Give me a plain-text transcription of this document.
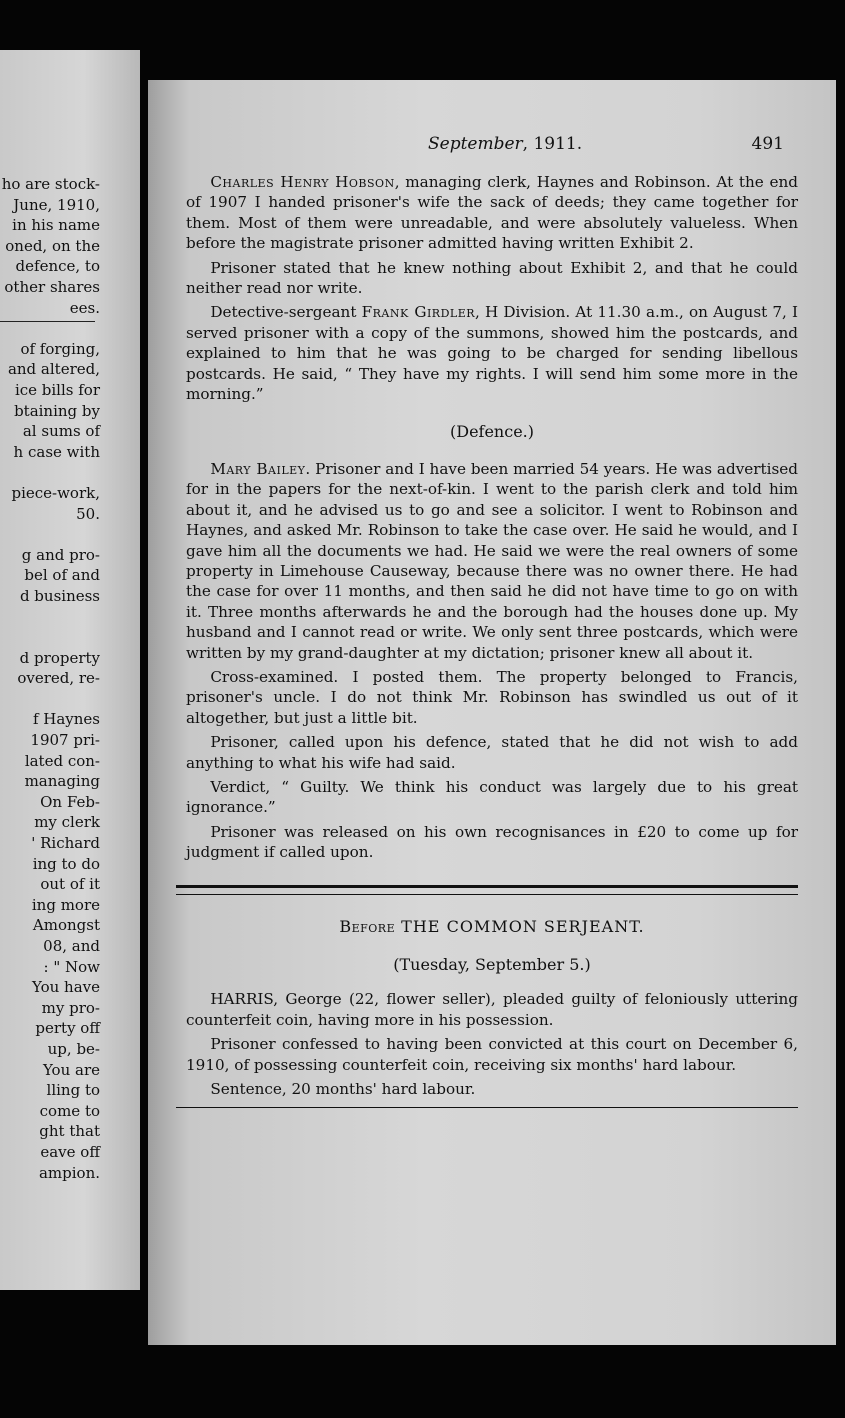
ho are stock-
June, 1910,
in his name
oned, on the
defence, to
other shares
ees.
of forging,
and altered,
ice bills for
btaining by
al sums of
h case with
piece-work,
50.
g and pro-
bel of and
d business
d property
overed, re-
f Haynes
1907 pri-
lated con-
managing
On Feb-
my clerk
' Richard
ing to do
out of it
ing more
Amongst
08, and
: " Now
You have
my pro-
perty off
up, be-
You are
lling to
come to
ght that
eave off
ampion.
September, 1911.	491

Charles Henry Hobson, managing clerk, Haynes and Robinson. At the end of 1907 I handed prisoner's wife the sack of deeds; they came together for them. Most of them were unreadable, and were absolutely valueless. When before the magistrate prisoner admitted having written Exhibit 2.

Prisoner stated that he knew nothing about Exhibit 2, and that he could neither read nor write.

Detective-sergeant Frank Girdler, H Division. At 11.30 a.m., on August 7, I served prisoner with a copy of the summons, showed him the postcards, and explained to him that he was going to be charged for sending libellous postcards. He said, “ They have my rights. I will send him some more in the morning.”

(Defence.)

Mary Bailey. Prisoner and I have been married 54 years. He was advertised for in the papers for the next-of-kin. I went to the parish clerk and told him about it, and he advised us to go and see a solicitor. I went to Robinson and Haynes, and asked Mr. Robinson to take the case over. He said he would, and I gave him all the documents we had. He said we were the real owners of some property in Limehouse Causeway, because there was no owner there. He had the case for over 11 months, and then said he did not have time to go on with it. Three months afterwards he and the borough had the houses done up. My husband and I cannot read or write. We only sent three postcards, which were written by my grand-daughter at my dictation; prisoner knew all about it.

Cross-examined. I posted them. The property belonged to Francis, prisoner's uncle. I do not think Mr. Robinson has swindled us out of it altogether, but just a little bit.

Prisoner, called upon his defence, stated that he did not wish to add anything to what his wife had said.

Verdict, “ Guilty. We think his conduct was largely due to his great ignorance.”

Prisoner was released on his own recognisances in £20 to come up for judgment if called upon.

Before THE COMMON SERJEANT.

(Tuesday, September 5.)

HARRIS, George (22, flower seller), pleaded guilty of feloniously uttering counterfeit coin, having more in his possession.

Prisoner confessed to having been convicted at this court on December 6, 1910, of possessing counterfeit coin, receiving six months' hard labour.

Sentence, 20 months' hard labour.
